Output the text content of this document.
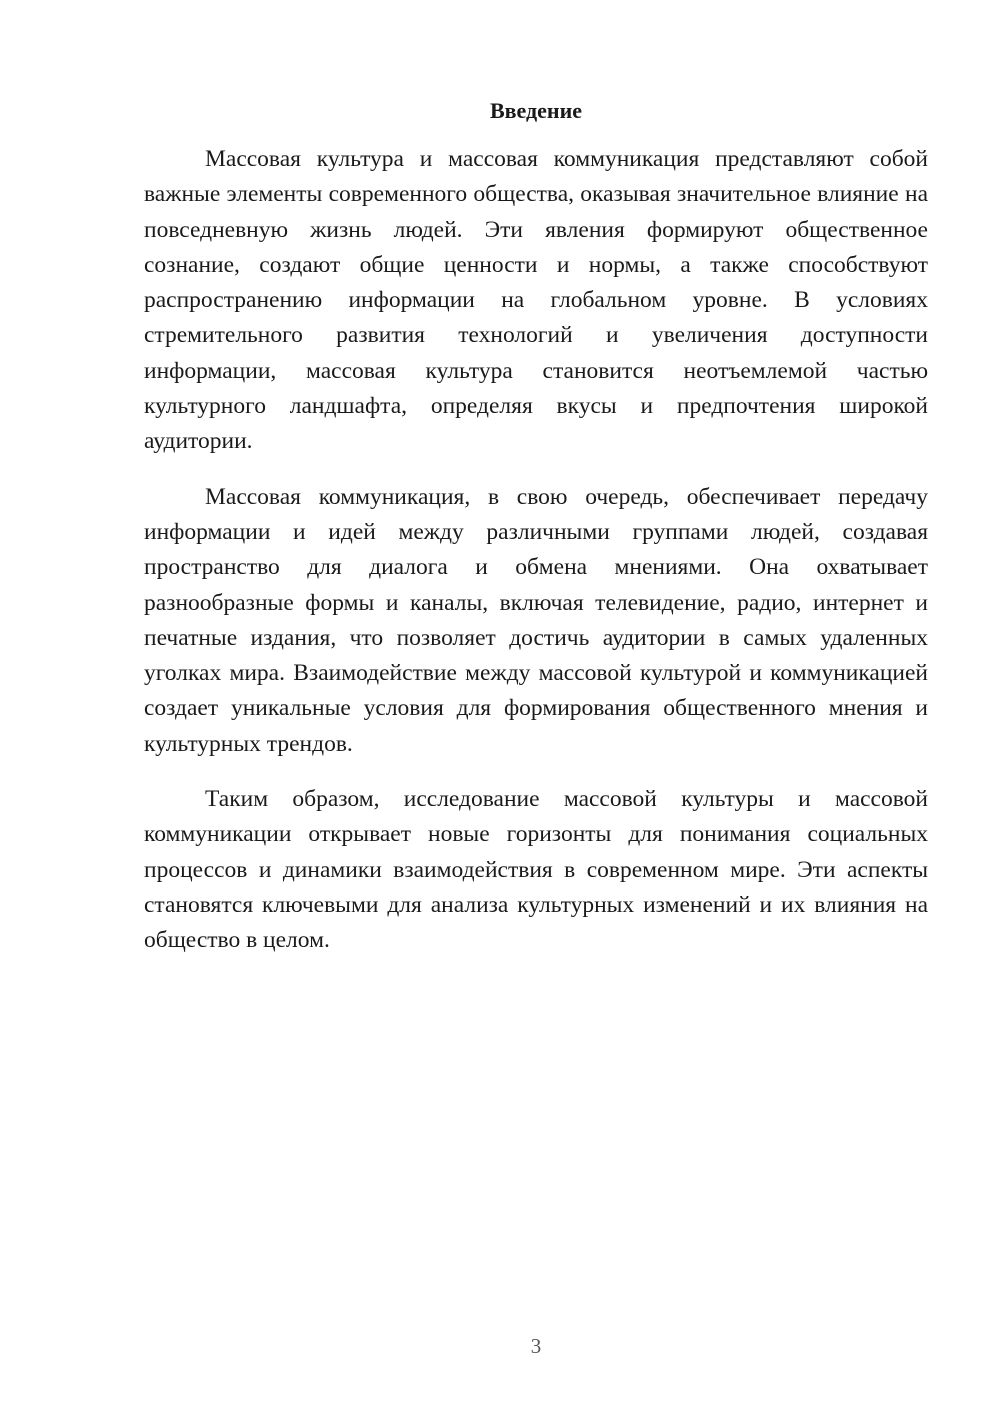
Введение

Массовая культура и массовая коммуникация представляют собой важные элементы современного общества, оказывая значительное влияние на повседневную жизнь людей. Эти явления формируют общественное сознание, создают общие ценности и нормы, а также способствуют распространению информации на глобальном уровне. В условиях стремительного развития технологий и увеличения доступности информации, массовая культура становится неотъемлемой частью культурного ландшафта, определяя вкусы и предпочтения широкой аудитории.

Массовая коммуникация, в свою очередь, обеспечивает передачу информации и идей между различными группами людей, создавая пространство для диалога и обмена мнениями. Она охватывает разнообразные формы и каналы, включая телевидение, радио, интернет и печатные издания, что позволяет достичь аудитории в самых удаленных уголках мира. Взаимодействие между массовой культурой и коммуникацией создает уникальные условия для формирования общественного мнения и культурных трендов.

Таким образом, исследование массовой культуры и массовой коммуникации открывает новые горизонты для понимания социальных процессов и динамики взаимодействия в современном мире. Эти аспекты становятся ключевыми для анализа культурных изменений и их влияния на общество в целом.

3
